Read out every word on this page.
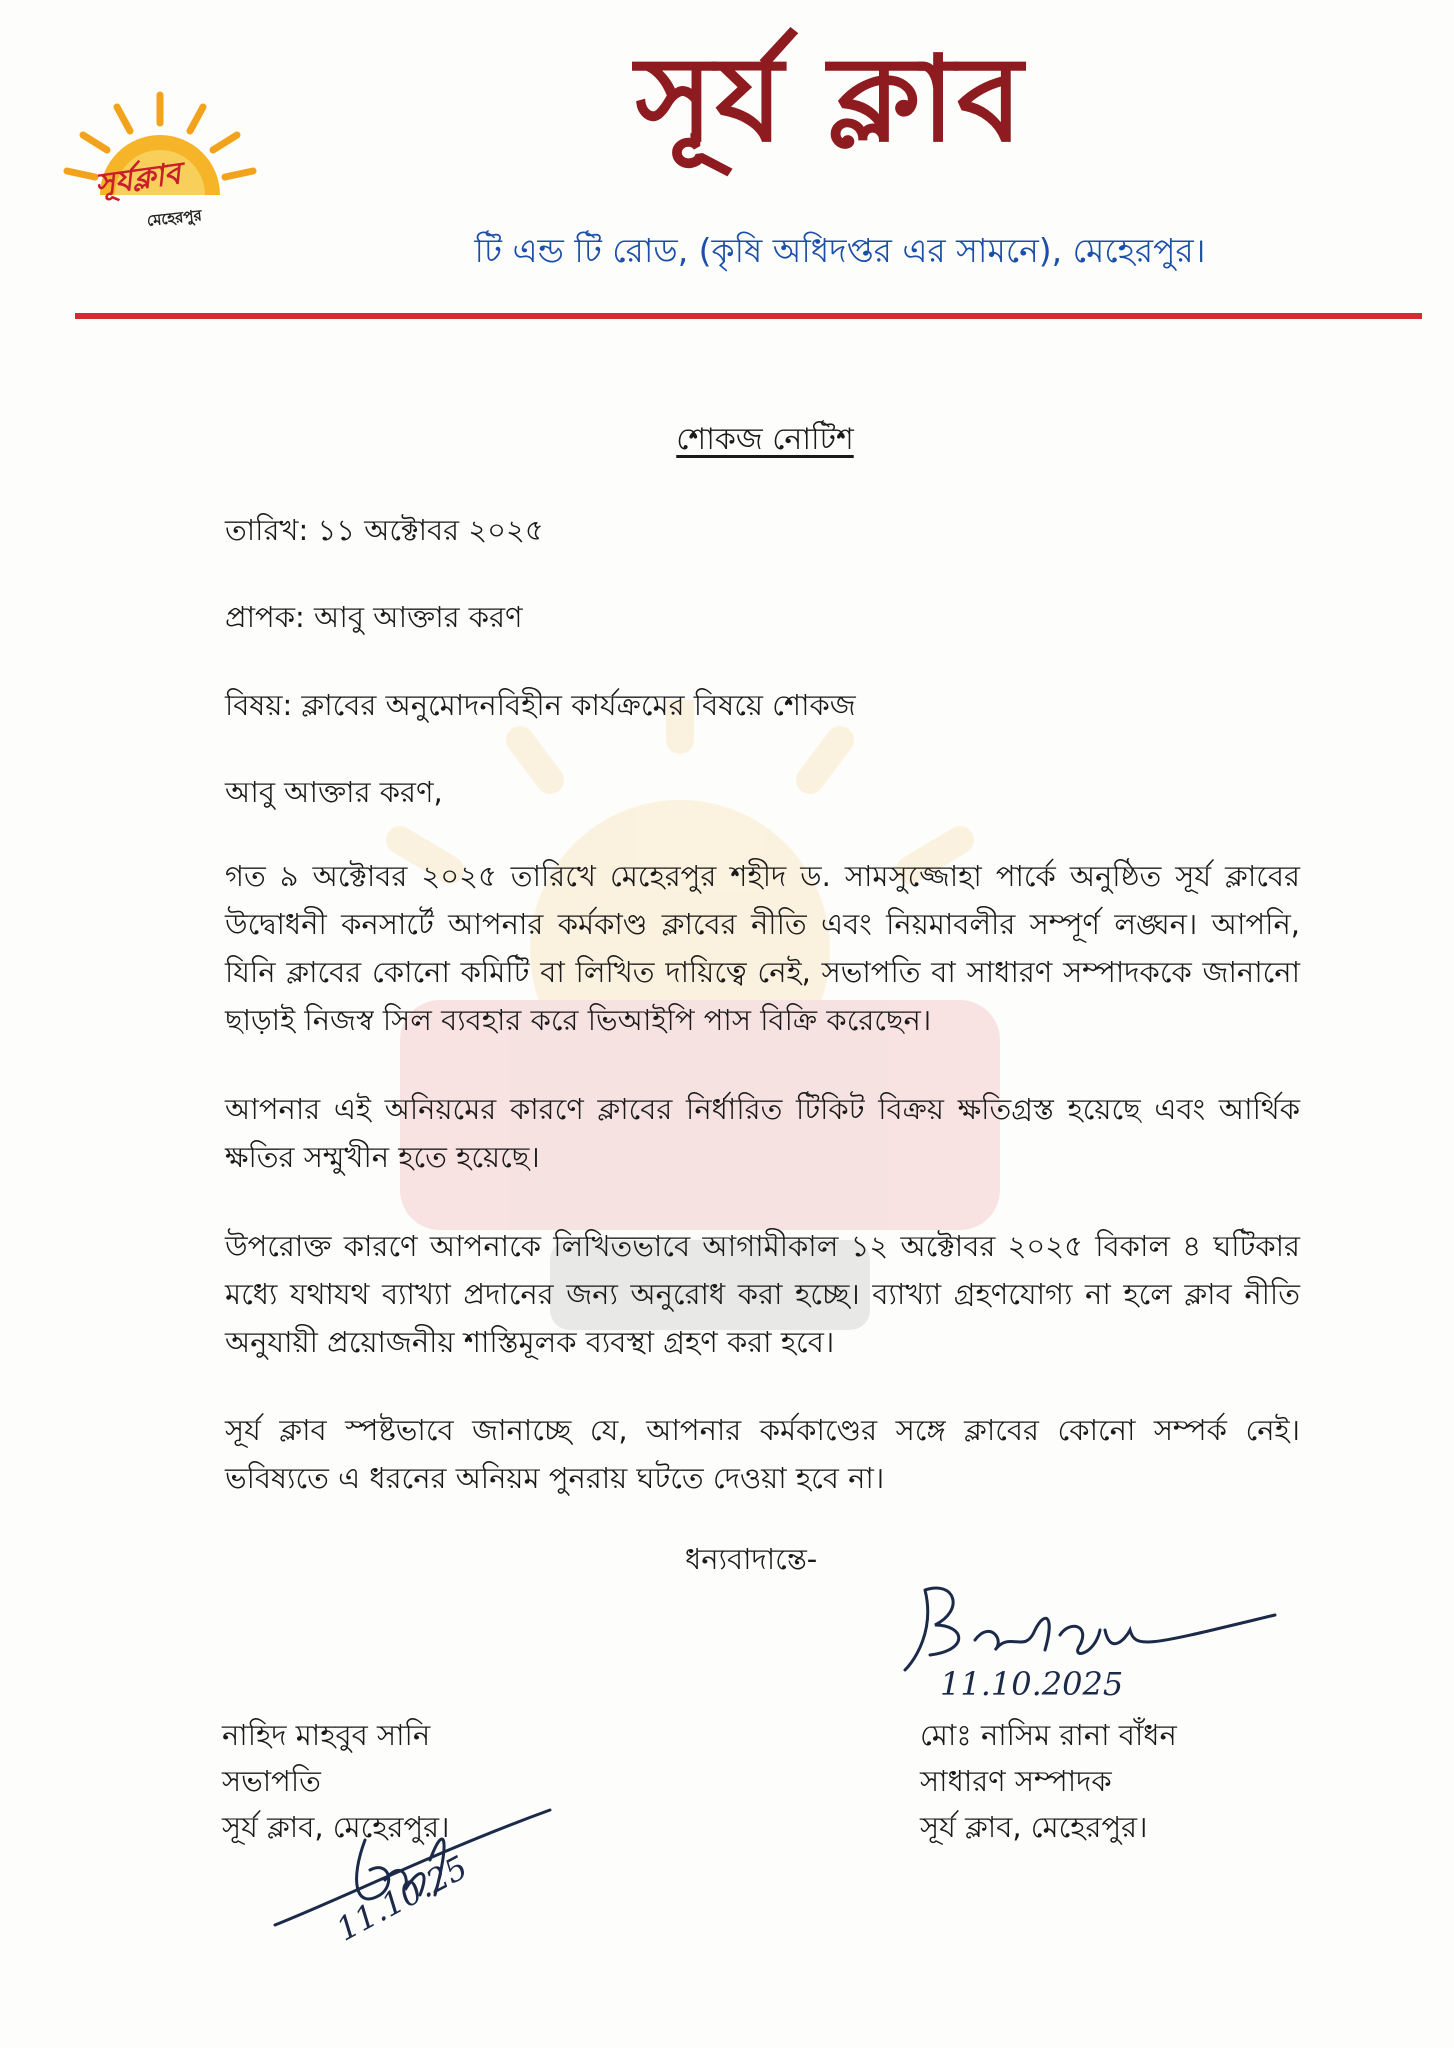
সূর্যক্লাব
মেহেরপুর
সূর্য ক্লাব
টি এন্ড টি রোড, (কৃষি অধিদপ্তর এর সামনে), মেহেরপুর।
শোকজ নোটিশ
তারিখ: ১১ অক্টোবর ২০২৫
প্রাপক: আবু আক্তার করণ
বিষয়: ক্লাবের অনুমোদনবিহীন কার্যক্রমের বিষয়ে শোকজ
আবু আক্তার করণ,
গত ৯ অক্টোবর ২০২৫ তারিখে মেহেরপুর শহীদ ড. সামসুজ্জোহা পার্কে অনুষ্ঠিত সূর্য ক্লাবের উদ্বোধনী কনসার্টে আপনার কর্মকাণ্ড ক্লাবের নীতি এবং নিয়মাবলীর সম্পূর্ণ লঙ্ঘন। আপনি, যিনি ক্লাবের কোনো কমিটি বা লিখিত দায়িত্বে নেই, সভাপতি বা সাধারণ সম্পাদককে জানানো ছাড়াই নিজস্ব সিল ব্যবহার করে ভিআইপি পাস বিক্রি করেছেন।
আপনার এই অনিয়মের কারণে ক্লাবের নির্ধারিত টিকিট বিক্রয় ক্ষতিগ্রস্ত হয়েছে এবং আর্থিক ক্ষতির সম্মুখীন হতে হয়েছে।
উপরোক্ত কারণে আপনাকে লিখিতভাবে আগামীকাল ১২ অক্টোবর ২০২৫ বিকাল ৪ ঘটিকার মধ্যে যথাযথ ব্যাখ্যা প্রদানের জন্য অনুরোধ করা হচ্ছে। ব্যাখ্যা গ্রহণযোগ্য না হলে ক্লাব নীতি অনুযায়ী প্রয়োজনীয় শাস্তিমূলক ব্যবস্থা গ্রহণ করা হবে।
সূর্য ক্লাব স্পষ্টভাবে জানাচ্ছে যে, আপনার কর্মকাণ্ডের সঙ্গে ক্লাবের কোনো সম্পর্ক নেই। ভবিষ্যতে এ ধরনের অনিয়ম পুনরায় ঘটতে দেওয়া হবে না।
ধন্যবাদান্তে-
11.10.2025
নাহিদ মাহবুব সানি
সভাপতি
সূর্য ক্লাব, মেহেরপুর।
মোঃ নাসিম রানা বাঁধন
সাধারণ সম্পাদক
সূর্য ক্লাব, মেহেরপুর।
11.10.25
